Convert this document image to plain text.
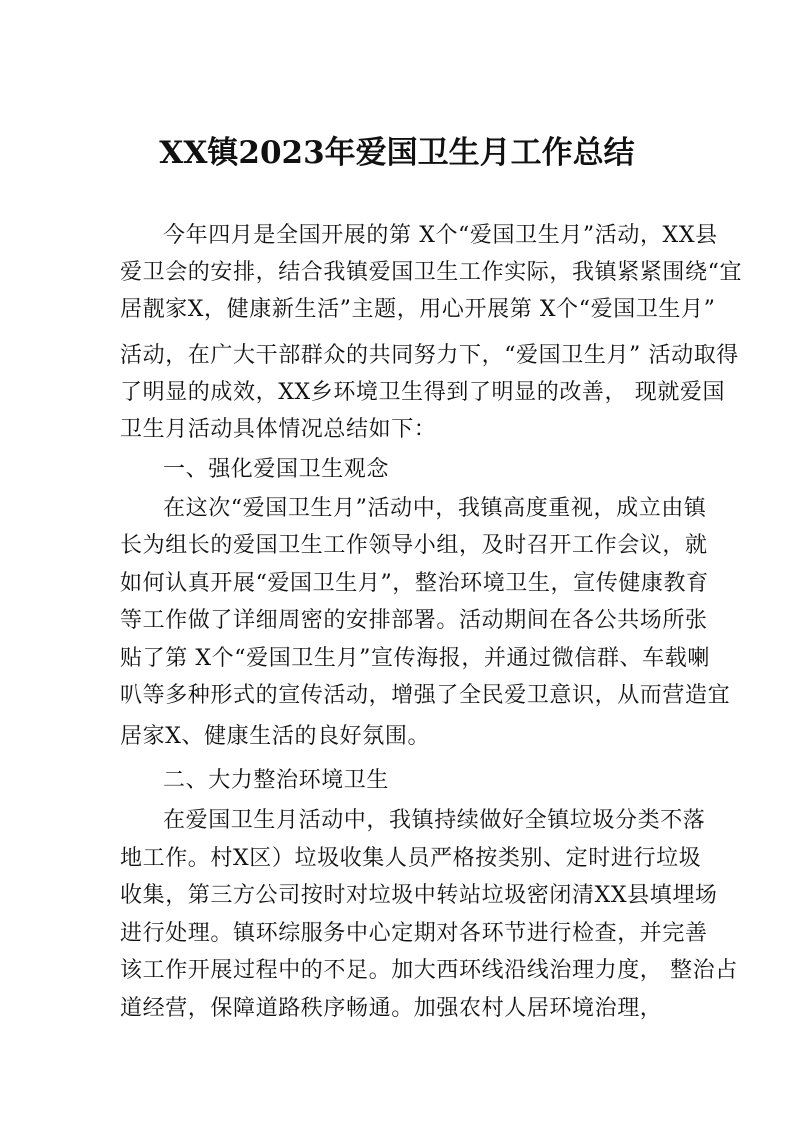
XX镇2023年爱国卫生月工作总结
今年四月是全国开展的第 X个“爱国卫生月”活动，XX县
爱卫会的安排，结合我镇爱国卫生工作实际，我镇紧紧围绕“宜
居靓家X，健康新生活”主题，用心开展第 X个“爱国卫生月”
活动，在广大干部群众的共同努力下，“爱国卫生月” 活动取得
了明显的成效，XX乡环境卫生得到了明显的改善， 现就爱国
卫生月活动具体情况总结如下：
一、强化爱国卫生观念
在这次“爱国卫生月”活动中，我镇高度重视，成立由镇
长为组长的爱国卫生工作领导小组，及时召开工作会议，就
如何认真开展“爱国卫生月”，整治环境卫生，宣传健康教育
等工作做了详细周密的安排部署。活动期间在各公共场所张
贴了第 X个“爱国卫生月”宣传海报，并通过微信群、车载喇
叭等多种形式的宣传活动，增强了全民爱卫意识，从而营造宜
居家X、健康生活的良好氛围。
二、大力整治环境卫生
在爱国卫生月活动中，我镇持续做好全镇垃圾分类不落
地工作。村X区）垃圾收集人员严格按类别、定时进行垃圾
收集，第三方公司按时对垃圾中转站垃圾密闭清XX县填埋场
进行处理。镇环综服务中心定期对各环节进行检查，并完善
该工作开展过程中的不足。加大西环线沿线治理力度， 整治占
道经营，保障道路秩序畅通。加强农村人居环境治理，
